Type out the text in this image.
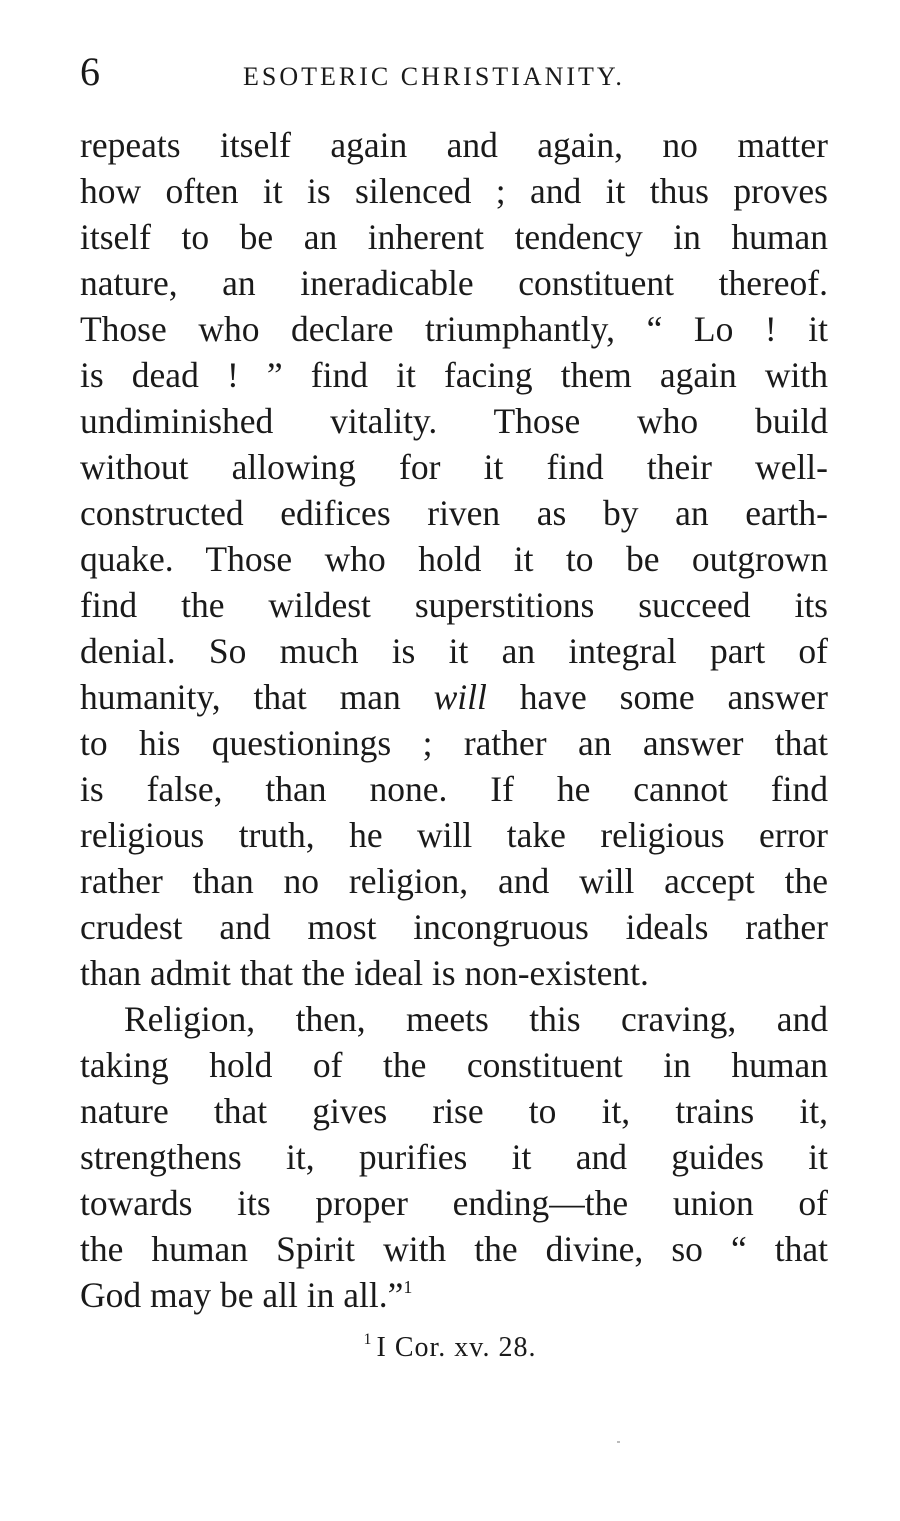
6	ESOTERIC CHRISTIANITY.
repeats itself again and again, no matter
how often it is silenced ; and it thus proves
itself to be an inherent tendency in human
nature, an ineradicable constituent thereof.
Those who declare triumphantly, “ Lo ! it
is dead ! ” find it facing them again with
undiminished vitality. Those who build
without allowing for it find their well-
constructed edifices riven as by an earth-
quake. Those who hold it to be outgrown
find the wildest superstitions succeed its
denial. So much is it an integral part of
humanity, that man will have some answer
to his questionings ; rather an answer that
is false, than none. If he cannot find
religious truth, he will take religious error
rather than no religion, and will accept the
crudest and most incongruous ideals rather
than admit that the ideal is non-existent.
Religion, then, meets this craving, and
taking hold of the constituent in human
nature that gives rise to it, trains it,
strengthens it, purifies it and guides it
towards its proper ending—the union of
the human Spirit with the divine, so “ that
God may be all in all.”$^1$
$^1$ I Cor. xv. 28.
